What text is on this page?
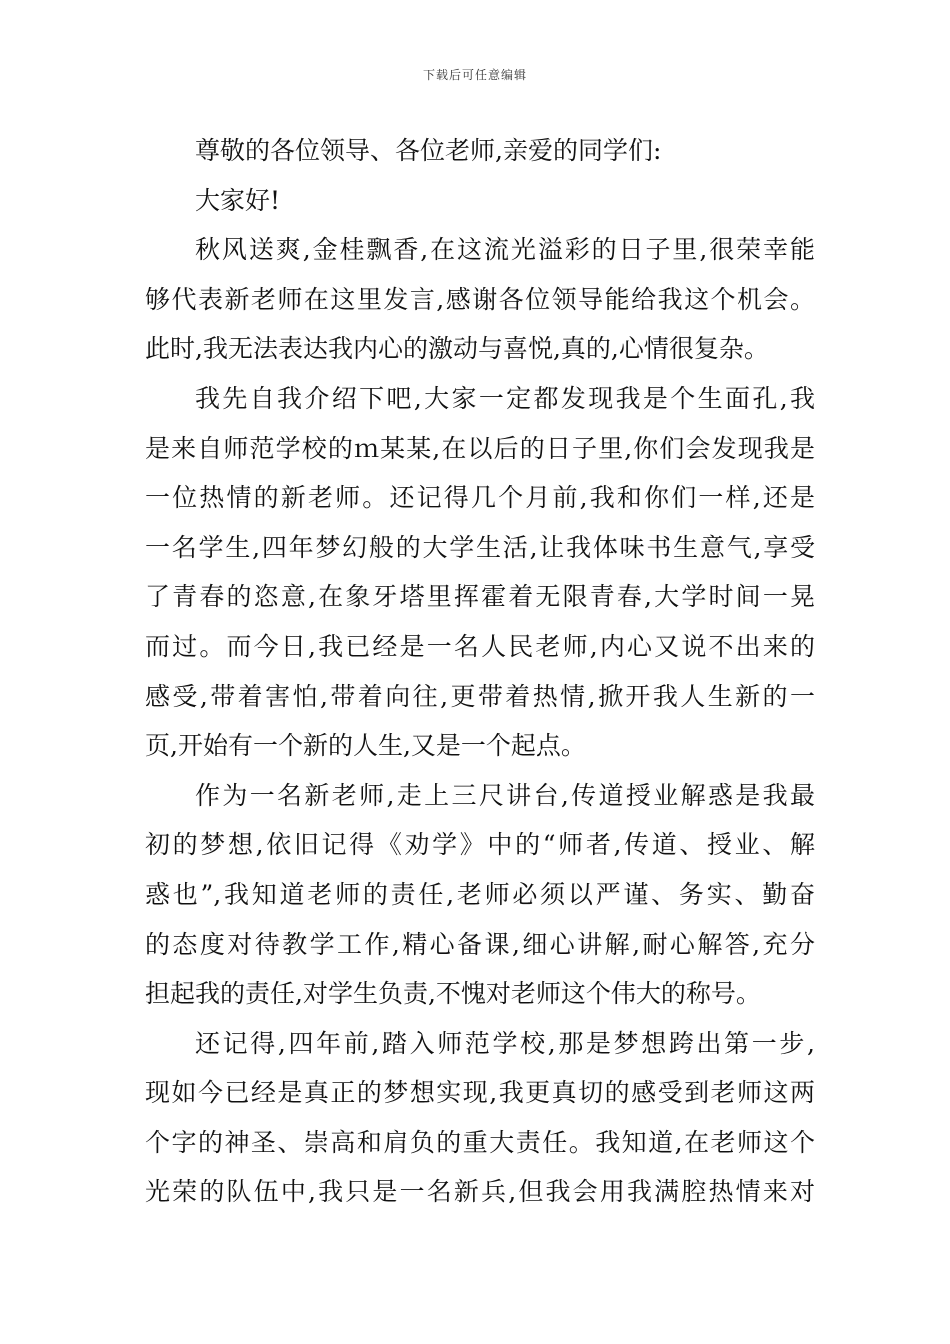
下载后可任意编辑
尊敬的各位领导、各位老师,亲爱的同学们:
大家好!
秋风送爽,金桂飘香,在这流光溢彩的日子里,很荣幸能
够代表新老师在这里发言,感谢各位领导能给我这个机会。
此时,我无法表达我内心的激动与喜悦,真的,心情很复杂。
我先自我介绍下吧,大家一定都发现我是个生面孔,我
是来自师范学校的ｍ某某,在以后的日子里,你们会发现我是
一位热情的新老师。还记得几个月前,我和你们一样,还是
一名学生,四年梦幻般的大学生活,让我体味书生意气,享受
了青春的恣意,在象牙塔里挥霍着无限青春,大学时间一晃
而过。而今日,我已经是一名人民老师,内心又说不出来的
感受,带着害怕,带着向往,更带着热情,掀开我人生新的一
页,开始有一个新的人生,又是一个起点。
作为一名新老师,走上三尺讲台,传道授业解惑是我最
初的梦想,依旧记得《劝学》中的“师者,传道、授业、解
惑也”,我知道老师的责任,老师必须以严谨、务实、勤奋
的态度对待教学工作,精心备课,细心讲解,耐心解答,充分
担起我的责任,对学生负责,不愧对老师这个伟大的称号。
还记得,四年前,踏入师范学校,那是梦想跨出第一步,
现如今已经是真正的梦想实现,我更真切的感受到老师这两
个字的神圣、崇高和肩负的重大责任。我知道,在老师这个
光荣的队伍中,我只是一名新兵,但我会用我满腔热情来对
